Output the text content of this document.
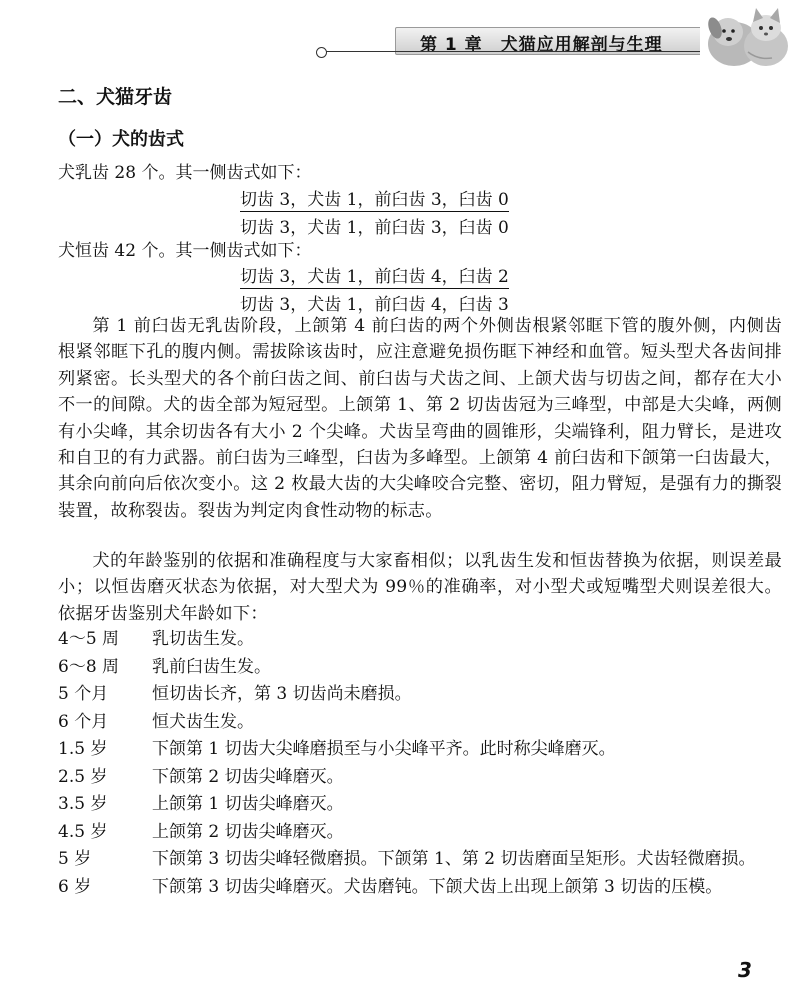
第 1 章　犬猫应用解剖与生理
二、犬猫牙齿
（一）犬的齿式
犬乳齿 28 个。其一侧齿式如下：
切齿 3，犬齿 1，前臼齿 3，臼齿 0
切齿 3，犬齿 1，前臼齿 3，臼齿 0
犬恒齿 42 个。其一侧齿式如下：
切齿 3，犬齿 1，前臼齿 4，臼齿 2
切齿 3，犬齿 1，前臼齿 4，臼齿 3
第 1 前臼齿无乳齿阶段，上颌第 4 前臼齿的两个外侧齿根紧邻眶下管的腹外侧，内侧齿根紧邻眶下孔的腹内侧。需拔除该齿时，应注意避免损伤眶下神经和血管。短头型犬各齿间排列紧密。长头型犬的各个前臼齿之间、前臼齿与犬齿之间、上颌犬齿与切齿之间，都存在大小不一的间隙。犬的齿全部为短冠型。上颌第 1、第 2 切齿齿冠为三峰型，中部是大尖峰，两侧有小尖峰，其余切齿各有大小 2 个尖峰。犬齿呈弯曲的圆锥形，尖端锋利，阻力臂长，是进攻和自卫的有力武器。前臼齿为三峰型，臼齿为多峰型。上颌第 4 前臼齿和下颌第一臼齿最大，其余向前向后依次变小。这 2 枚最大齿的大尖峰咬合完整、密切，阻力臂短，是强有力的撕裂装置，故称裂齿。裂齿为判定肉食性动物的标志。
犬的年龄鉴别的依据和准确程度与大家畜相似；以乳齿生发和恒齿替换为依据，则误差最小；以恒齿磨灭状态为依据，对大型犬为 99％的准确率，对小型犬或短嘴型犬则误差很大。依据牙齿鉴别犬年龄如下：
4～5 周	乳切齿生发。
6～8 周	乳前臼齿生发。
5 个月	恒切齿长齐，第 3 切齿尚未磨损。
6 个月	恒犬齿生发。
1.5 岁	下颌第 1 切齿大尖峰磨损至与小尖峰平齐。此时称尖峰磨灭。
2.5 岁	下颌第 2 切齿尖峰磨灭。
3.5 岁	上颌第 1 切齿尖峰磨灭。
4.5 岁	上颌第 2 切齿尖峰磨灭。
5 岁	下颌第 3 切齿尖峰轻微磨损。下颌第 1、第 2 切齿磨面呈矩形。犬齿轻微磨损。
6 岁	下颌第 3 切齿尖峰磨灭。犬齿磨钝。下颌犬齿上出现上颌第 3 切齿的压模。
3
